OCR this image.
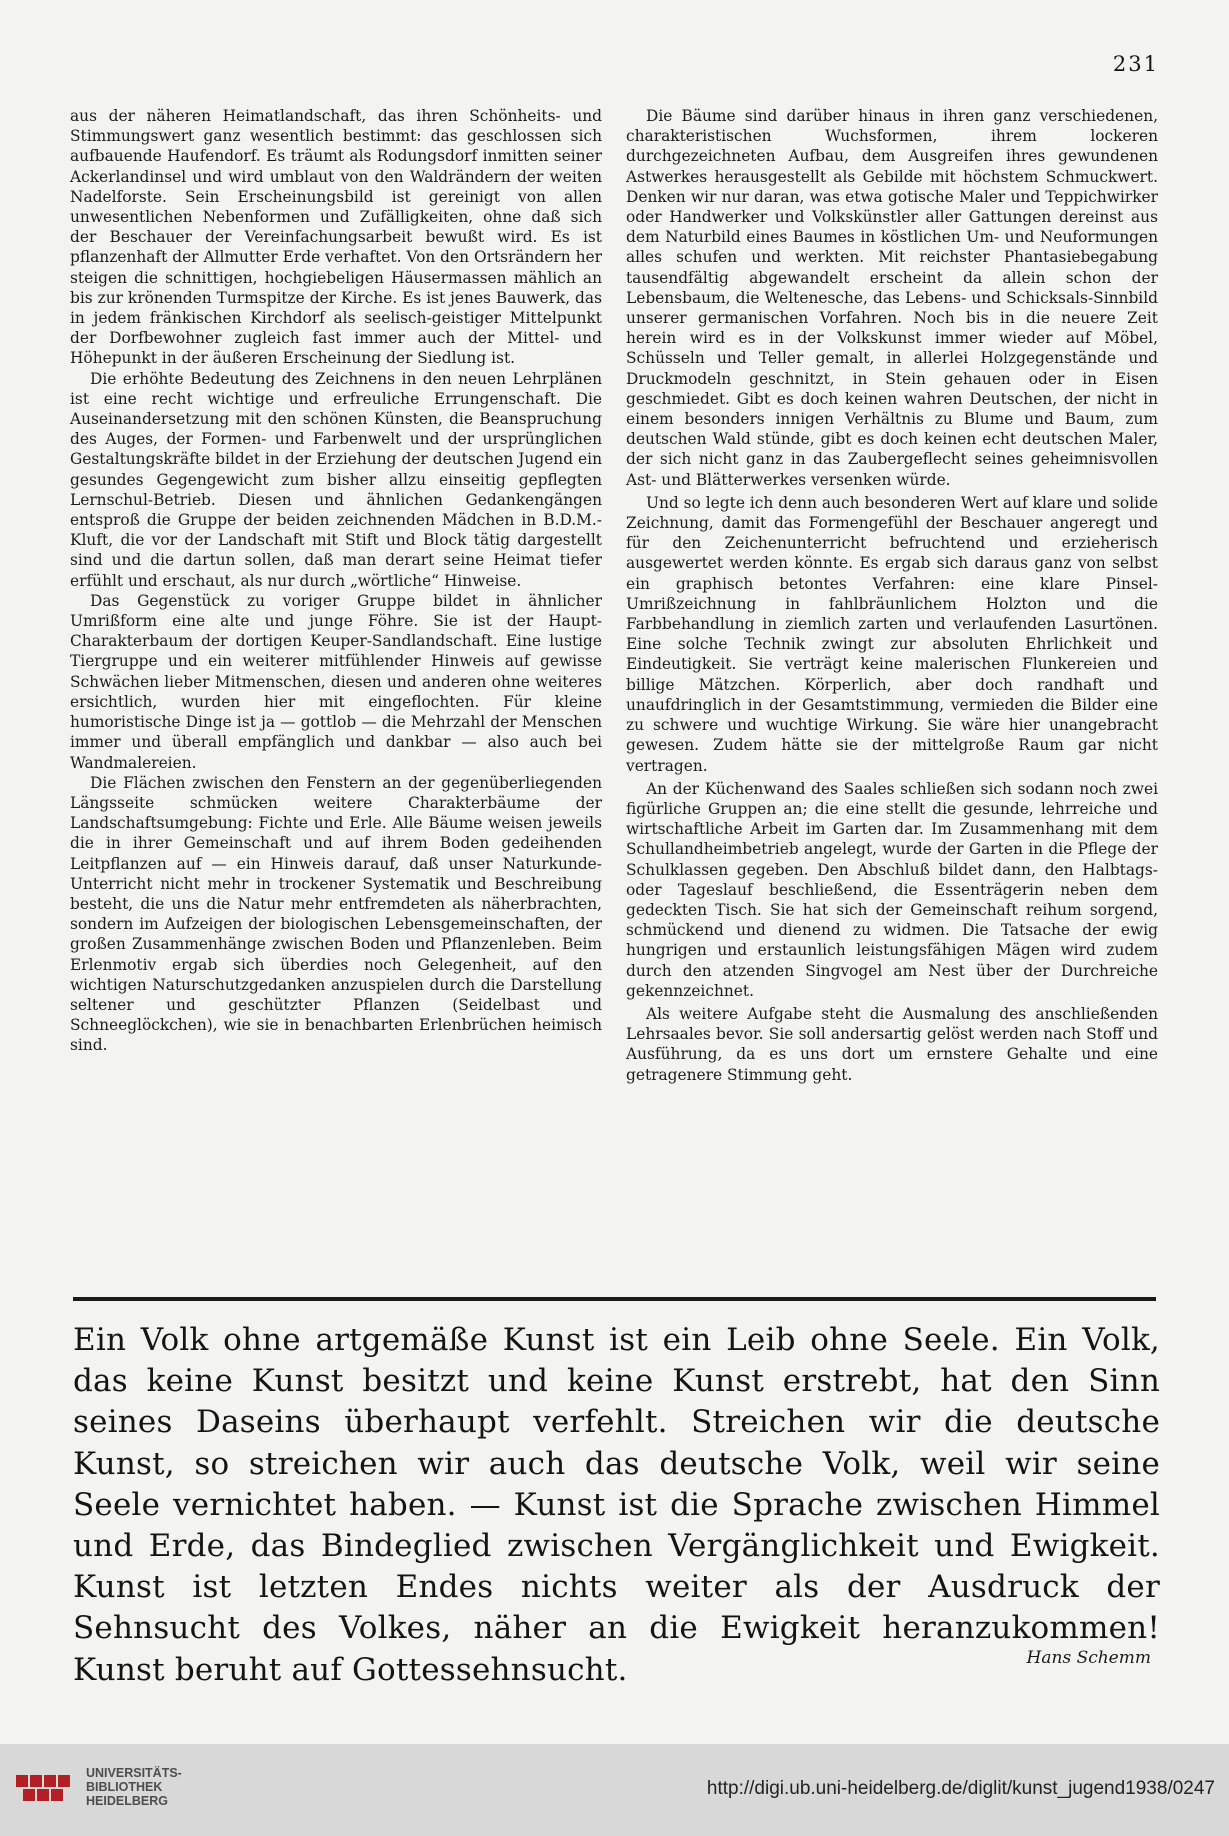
231

aus der näheren Heimatlandschaft, das ihren Schönheits- und Stimmungswert ganz wesentlich bestimmt: das geschlossen sich aufbauende Haufendorf. Es träumt als Rodungsdorf inmitten seiner Ackerlandinsel und wird umblaut von den Waldrändern der weiten Nadelforste. Sein Erscheinungsbild ist gereinigt von allen unwesentlichen Nebenformen und Zufälligkeiten, ohne daß sich der Beschauer der Vereinfachungsarbeit bewußt wird. Es ist pflanzenhaft der Allmutter Erde verhaftet. Von den Ortsrändern her steigen die schnittigen, hochgiebeligen Häusermassen mählich an bis zur krönenden Turmspitze der Kirche. Es ist jenes Bauwerk, das in jedem fränkischen Kirchdorf als seelisch-geistiger Mittelpunkt der Dorfbewohner zugleich fast immer auch der Mittel- und Höhepunkt in der äußeren Erscheinung der Siedlung ist.

Die erhöhte Bedeutung des Zeichnens in den neuen Lehrplänen ist eine recht wichtige und erfreuliche Errungenschaft. Die Auseinandersetzung mit den schönen Künsten, die Beanspruchung des Auges, der Formen- und Farbenwelt und der ursprünglichen Gestaltungskräfte bildet in der Erziehung der deutschen Jugend ein gesundes Gegengewicht zum bisher allzu einseitig gepflegten Lernschul-Betrieb. Diesen und ähnlichen Gedankengängen entsproß die Gruppe der beiden zeichnenden Mädchen in B.D.M.-Kluft, die vor der Landschaft mit Stift und Block tätig dargestellt sind und die dartun sollen, daß man derart seine Heimat tiefer erfühlt und erschaut, als nur durch „wörtliche“ Hinweise.

Das Gegenstück zu voriger Gruppe bildet in ähnlicher Umrißform eine alte und junge Föhre. Sie ist der Haupt-Charakterbaum der dortigen Keuper-Sandlandschaft. Eine lustige Tiergruppe und ein weiterer mitfühlender Hinweis auf gewisse Schwächen lieber Mitmenschen, diesen und anderen ohne weiteres ersichtlich, wurden hier mit eingeflochten. Für kleine humoristische Dinge ist ja — gottlob — die Mehrzahl der Menschen immer und überall empfänglich und dankbar — also auch bei Wandmalereien.

Die Flächen zwischen den Fenstern an der gegenüberliegenden Längsseite schmücken weitere Charakterbäume der Landschaftsumgebung: Fichte und Erle. Alle Bäume weisen jeweils die in ihrer Gemeinschaft und auf ihrem Boden gedeihenden Leitpflanzen auf — ein Hinweis darauf, daß unser Naturkunde-Unterricht nicht mehr in trockener Systematik und Beschreibung besteht, die uns die Natur mehr entfremdeten als näherbrachten, sondern im Aufzeigen der biologischen Lebensgemeinschaften, der großen Zusammenhänge zwischen Boden und Pflanzenleben. Beim Erlenmotiv ergab sich überdies noch Gelegenheit, auf den wichtigen Naturschutzgedanken anzuspielen durch die Darstellung seltener und geschützter Pflanzen (Seidelbast und Schneeglöckchen), wie sie in benachbarten Erlenbrüchen heimisch sind.

Die Bäume sind darüber hinaus in ihren ganz verschiedenen, charakteristischen Wuchsformen, ihrem lockeren durchgezeichneten Aufbau, dem Ausgreifen ihres gewundenen Astwerkes herausgestellt als Gebilde mit höchstem Schmuckwert. Denken wir nur daran, was etwa gotische Maler und Teppichwirker oder Handwerker und Volkskünstler aller Gattungen dereinst aus dem Naturbild eines Baumes in köstlichen Um- und Neuformungen alles schufen und werkten. Mit reichster Phantasiebegabung tausendfältig abgewandelt erscheint da allein schon der Lebensbaum, die Welteneschе, das Lebens- und Schicksals-Sinnbild unserer germanischen Vorfahren. Noch bis in die neuere Zeit herein wird es in der Volkskunst immer wieder auf Möbel, Schüsseln und Teller gemalt, in allerlei Holzgegenstände und Druckmodeln geschnitzt, in Stein gehauen oder in Eisen geschmiedet. Gibt es doch keinen wahren Deutschen, der nicht in einem besonders innigen Verhältnis zu Blume und Baum, zum deutschen Wald stünde, gibt es doch keinen echt deutschen Maler, der sich nicht ganz in das Zaubergeflecht seines geheimnisvollen Ast- und Blätterwerkes versenken würde.

Und so legte ich denn auch besonderen Wert auf klare und solide Zeichnung, damit das Formengefühl der Beschauer angeregt und für den Zeichenunterricht befruchtend und erzieherisch ausgewertet werden könnte. Es ergab sich daraus ganz von selbst ein graphisch betontes Verfahren: eine klare Pinsel-Umrißzeichnung in fahlbräunlichem Holzton und die Farbbehandlung in ziemlich zarten und verlaufenden Lasurtönen. Eine solche Technik zwingt zur absoluten Ehrlichkeit und Eindeutigkeit. Sie verträgt keine malerischen Flunkereien und billige Mätzchen. Körperlich, aber doch randhaft und unaufdringlich in der Gesamtstimmung, vermieden die Bilder eine zu schwere und wuchtige Wirkung. Sie wäre hier unangebracht gewesen. Zudem hätte sie der mittelgroße Raum gar nicht vertragen.

An der Küchenwand des Saales schließen sich sodann noch zwei figürliche Gruppen an; die eine stellt die gesunde, lehrreiche und wirtschaftliche Arbeit im Garten dar. Im Zusammenhang mit dem Schullandheimbetrieb angelegt, wurde der Garten in die Pflege der Schulklassen gegeben. Den Abschluß bildet dann, den Halbtags- oder Tageslauf beschließend, die Essenträgerin neben dem gedeckten Tisch. Sie hat sich der Gemeinschaft reihum sorgend, schmückend und dienend zu widmen. Die Tatsache der ewig hungrigen und erstaunlich leistungsfähigen Mägen wird zudem durch den atzenden Singvogel am Nest über der Durchreiche gekennzeichnet.

Als weitere Aufgabe steht die Ausmalung des anschließenden Lehrsaales bevor. Sie soll andersartig gelöst werden nach Stoff und Ausführung, da es uns dort um ernstere Gehalte und eine getragenere Stimmung geht.

Ein Volk ohne artgemäße Kunst ist ein Leib ohne Seele. Ein Volk, das keine Kunst besitzt und keine Kunst erstrebt, hat den Sinn seines Daseins überhaupt verfehlt. Streichen wir die deutsche Kunst, so streichen wir auch das deutsche Volk, weil wir seine Seele vernichtet haben. — Kunst ist die Sprache zwischen Himmel und Erde, das Bindeglied zwischen Vergänglichkeit und Ewigkeit. Kunst ist letzten Endes nichts weiter als der Ausdruck der Sehnsucht des Volkes, näher an die Ewigkeit heranzukommen! Kunst beruht auf Gottessehnsucht.	Hans Schemm
UNIVERSITÄTS-
BIBLIOTHEK
HEIDELBERG
http://digi.ub.uni-heidelberg.de/diglit/kunst_jugend1938/0247
